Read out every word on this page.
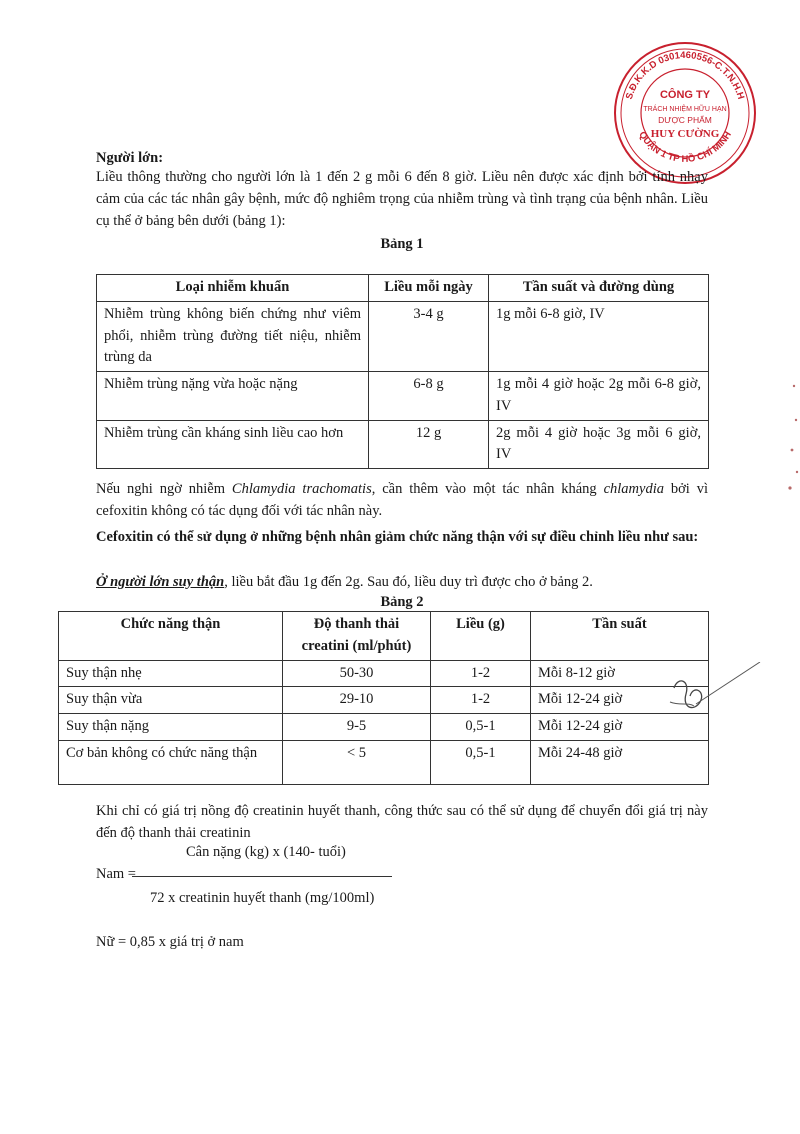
S.Đ.K.K.D 0301460556-C.T.N.H.H
QUẬN 1 TP HỒ CHÍ MINH
CÔNG TY
TRÁCH NHIỆM HỮU HẠN
DƯỢC PHẨM
HUY CƯỜNG

Người lớn:

Liều thông thường cho người lớn là 1 đến 2 g mỗi 6 đến 8 giờ. Liều nên được xác định bởi tính nhạy cảm của các tác nhân gây bệnh, mức độ nghiêm trọng của nhiễm trùng và tình trạng của bệnh nhân. Liều cụ thể ở bảng bên dưới (bảng 1):

Bảng 1

Loại nhiễm khuẩn	Liều mỗi ngày	Tần suất và đường dùng
Nhiễm trùng không biến chứng như viêm phổi, nhiễm trùng đường tiết niệu, nhiễm trùng da	3-4 g	1g mỗi 6-8 giờ, IV
Nhiễm trùng nặng vừa hoặc nặng	6-8 g	1g mỗi 4 giờ hoặc 2g mỗi 6-8 giờ, IV
Nhiễm trùng cần kháng sinh liều cao hơn	12 g	2g mỗi 4 giờ hoặc 3g mỗi 6 giờ, IV

Nếu nghi ngờ nhiễm Chlamydia trachomatis, cần thêm vào một tác nhân kháng chlamydia bởi vì cefoxitin không có tác dụng đối với tác nhân này.

Cefoxitin có thể sử dụng ở những bệnh nhân giảm chức năng thận với sự điều chỉnh liều như sau:

Ở người lớn suy thận, liều bắt đầu 1g đến 2g. Sau đó, liều duy trì được cho ở bảng 2.

Bảng 2

Chức năng thận	Độ thanh thải creatini (ml/phút)	Liều (g)	Tần suất
Suy thận nhẹ	50-30	1-2	Mỗi 8-12 giờ
Suy thận vừa	29-10	1-2	Mỗi 12-24 giờ
Suy thận nặng	9-5	0,5-1	Mỗi 12-24 giờ
Cơ bản không có chức năng thận	< 5	0,5-1	Mỗi 24-48 giờ

Khi chỉ có giá trị nồng độ creatinin huyết thanh, công thức sau có thể sử dụng để chuyển đổi giá trị này đến độ thanh thải creatinin

Cân nặng (kg) x (140- tuổi)

Nam =

72 x creatinin huyết thanh (mg/100ml)

Nữ = 0,85 x giá trị ở nam
